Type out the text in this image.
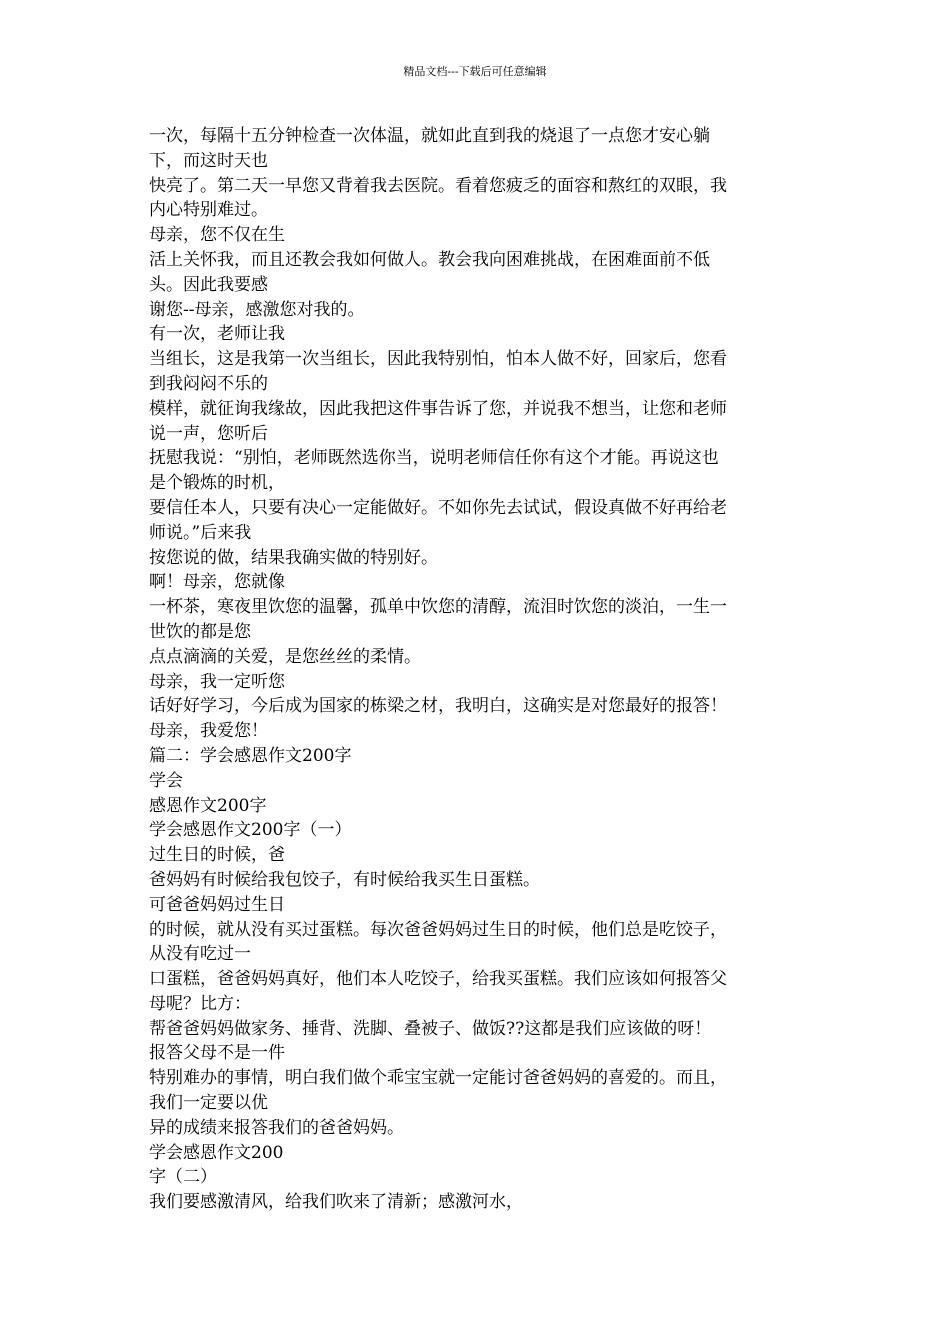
精品文档---下载后可任意编辑
一次，每隔十五分钟检查一次体温，就如此直到我的烧退了一点您才安心躺
下，而这时天也
快亮了。第二天一早您又背着我去医院。看着您疲乏的面容和熬红的双眼，我
内心特别难过。
母亲，您不仅在生
活上关怀我，而且还教会我如何做人。教会我向困难挑战，在困难面前不低
头。因此我要感
谢您--母亲，感激您对我的。
有一次，老师让我
当组长，这是我第一次当组长，因此我特别怕，怕本人做不好，回家后，您看
到我闷闷不乐的
模样，就征询我缘故，因此我把这件事告诉了您，并说我不想当，让您和老师
说一声，您听后
抚慰我说：“别怕，老师既然选你当，说明老师信任你有这个才能。再说这也
是个锻炼的时机，
要信任本人，只要有决心一定能做好。不如你先去试试，假设真做不好再给老
师说。”后来我
按您说的做，结果我确实做的特别好。
啊！母亲，您就像
一杯茶，寒夜里饮您的温馨，孤单中饮您的清醇，流泪时饮您的淡泊，一生一
世饮的都是您
点点滴滴的关爱，是您丝丝的柔情。
母亲，我一定听您
话好好学习，今后成为国家的栋梁之材，我明白，这确实是对您最好的报答！
母亲，我爱您！
篇二：学会感恩作文200字
学会
感恩作文200字
学会感恩作文200字（一）
过生日的时候，爸
爸妈妈有时候给我包饺子，有时候给我买生日蛋糕。
可爸爸妈妈过生日
的时候，就从没有买过蛋糕。每次爸爸妈妈过生日的时候，他们总是吃饺子，
从没有吃过一
口蛋糕，爸爸妈妈真好，他们本人吃饺子，给我买蛋糕。我们应该如何报答父
母呢？比方：
帮爸爸妈妈做家务、捶背、洗脚、叠被子、做饭??这都是我们应该做的呀！
报答父母不是一件
特别难办的事情，明白我们做个乖宝宝就一定能讨爸爸妈妈的喜爱的。而且，
我们一定要以优
异的成绩来报答我们的爸爸妈妈。
学会感恩作文200
字（二）
我们要感激清风，给我们吹来了清新；感激河水，
